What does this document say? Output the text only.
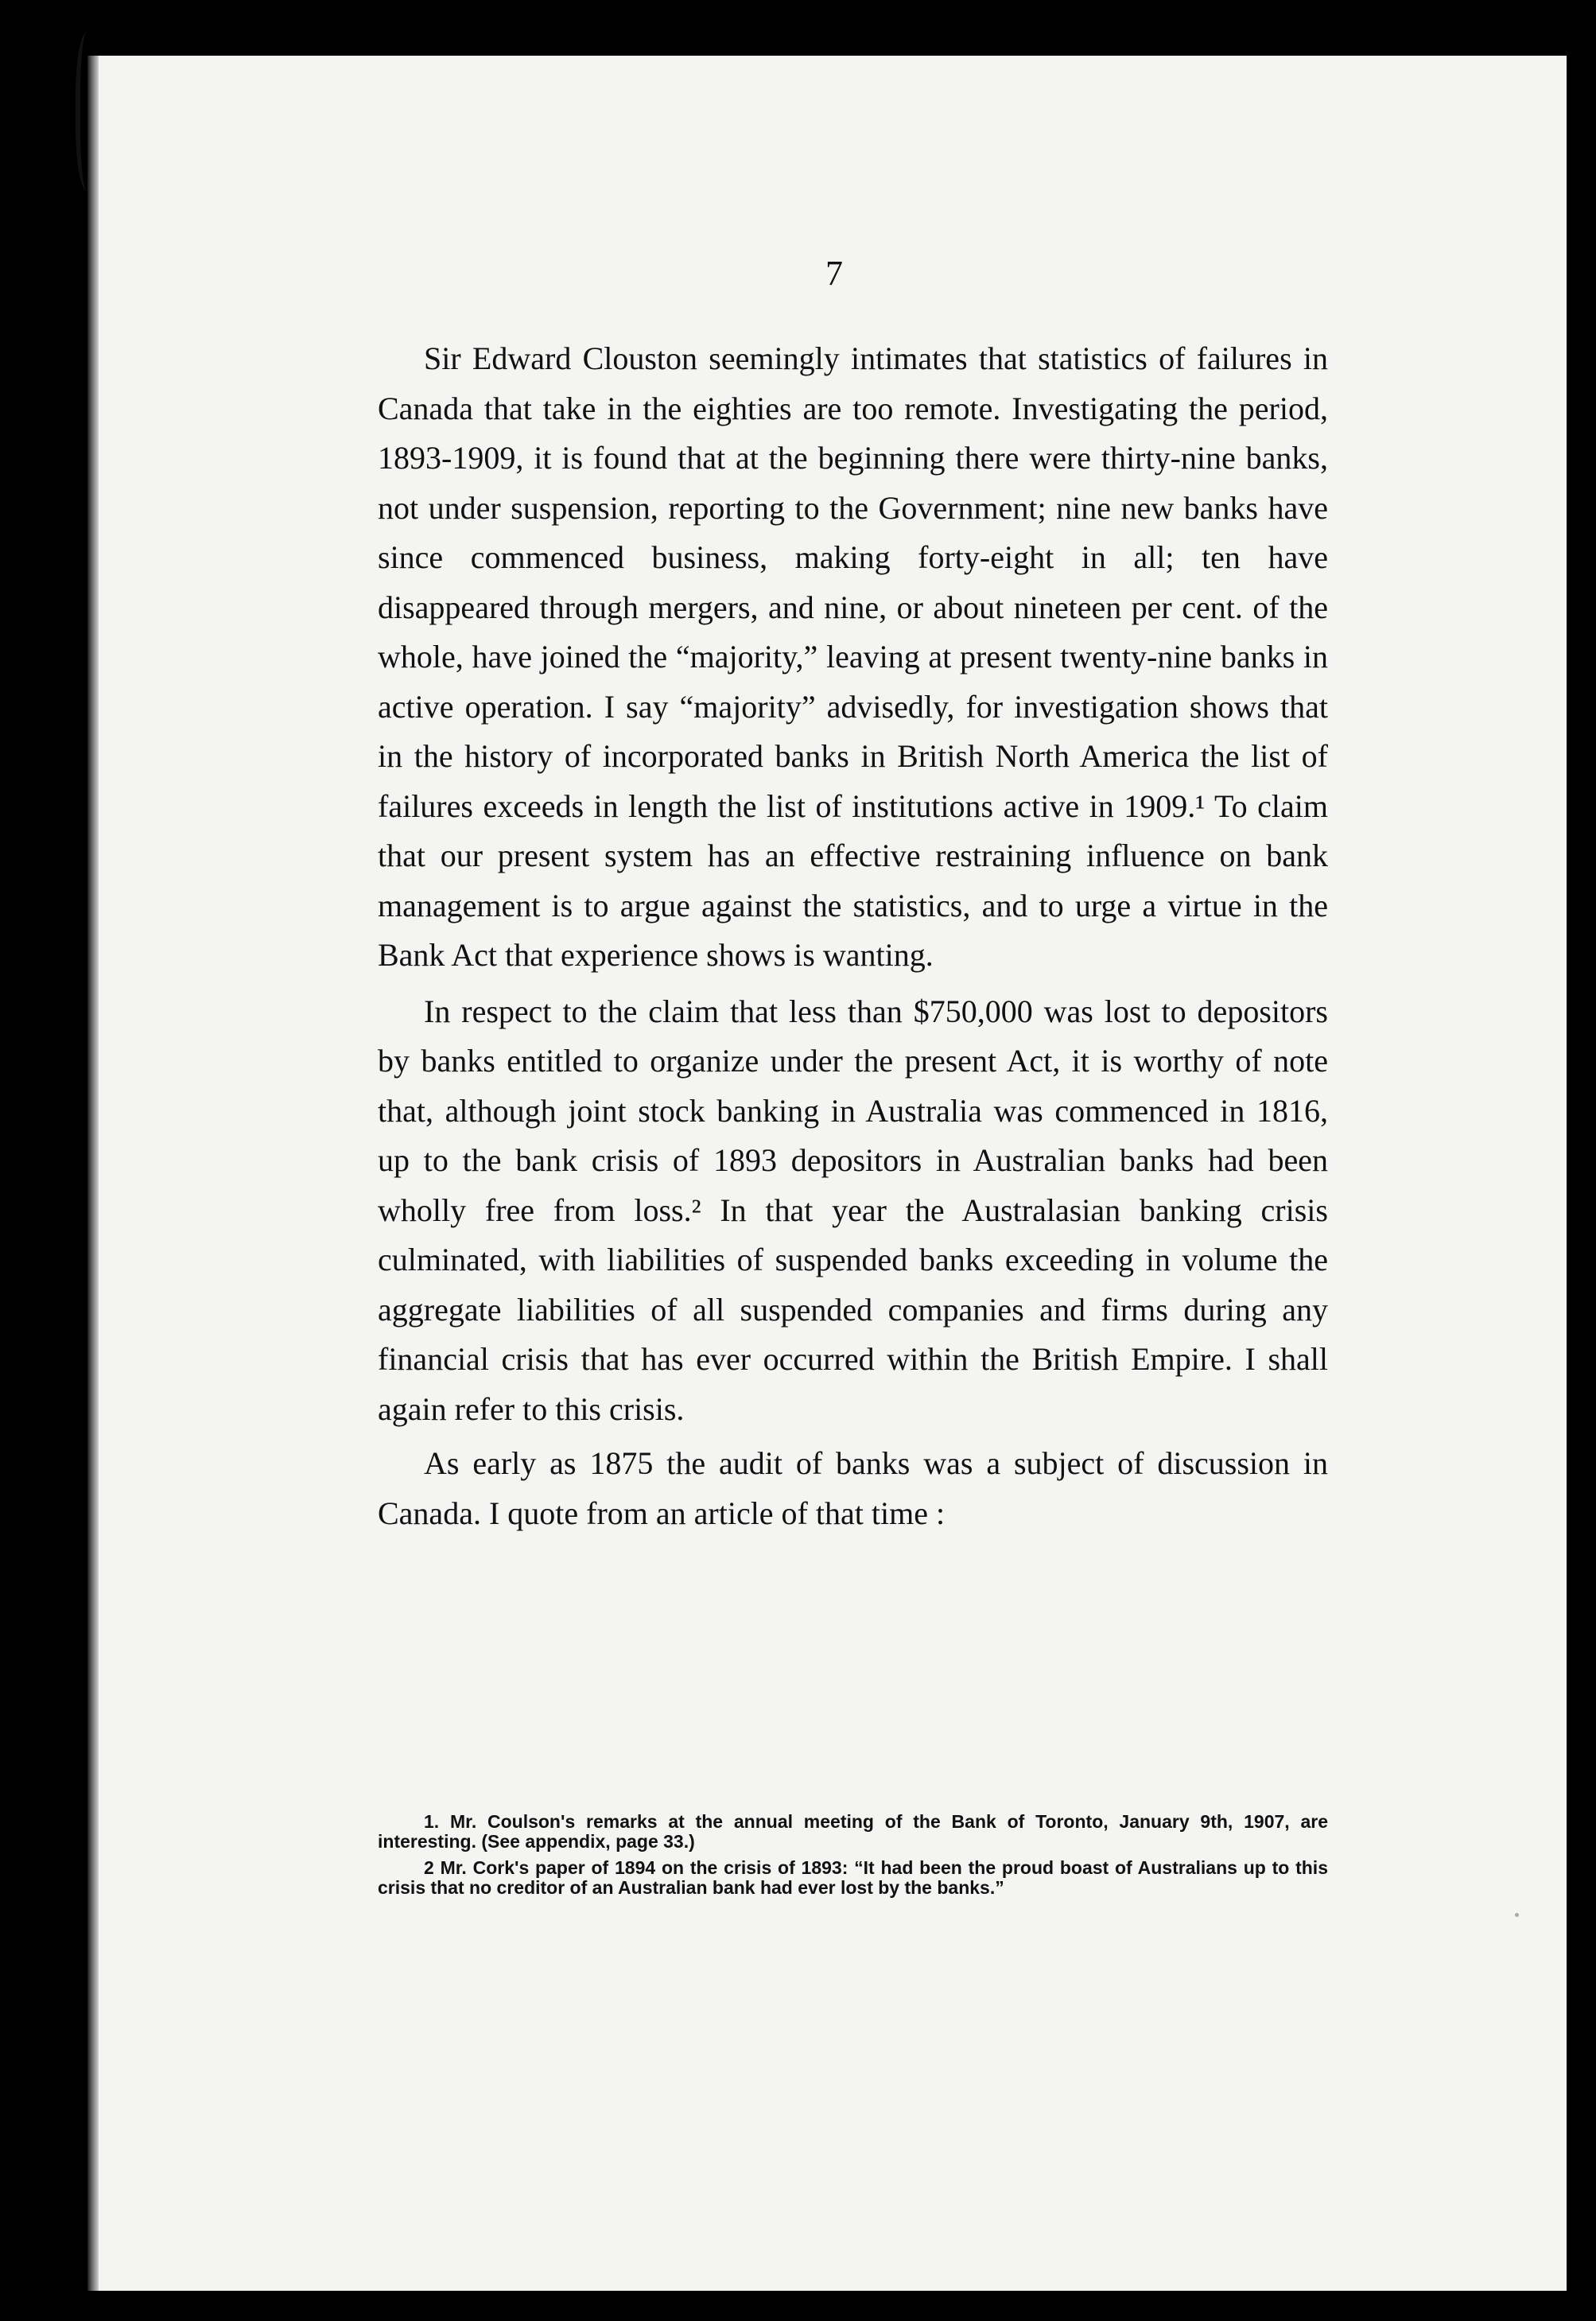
7

Sir Edward Clouston seemingly intimates that statistics of failures in Canada that take in the eighties are too remote. Investigating the period, 1893-1909, it is found that at the beginning there were thirty-nine banks, not under suspension, reporting to the Government; nine new banks have since commenced business, making forty-eight in all; ten have disappeared through mergers, and nine, or about nineteen per cent. of the whole, have joined the “majority,” leaving at present twenty-nine banks in active operation. I say “majority” advisedly, for investigation shows that in the history of incorporated banks in British North America the list of failures exceeds in length the list of institutions active in 1909.¹ To claim that our present system has an effective restraining influence on bank management is to argue against the statistics, and to urge a virtue in the Bank Act that experience shows is wanting.

In respect to the claim that less than $750,000 was lost to depositors by banks entitled to organize under the present Act, it is worthy of note that, although joint stock banking in Australia was commenced in 1816, up to the bank crisis of 1893 depositors in Australian banks had been wholly free from loss.² In that year the Australasian banking crisis culminated, with liabilities of suspended banks exceeding in volume the aggregate liabilities of all suspended companies and firms during any financial crisis that has ever occurred within the British Empire. I shall again refer to this crisis.

As early as 1875 the audit of banks was a subject of discussion in Canada. I quote from an article of that time :

1. Mr. Coulson's remarks at the annual meeting of the Bank of Toronto, January 9th, 1907, are interesting. (See appendix, page 33.)

2 Mr. Cork's paper of 1894 on the crisis of 1893: “It had been the proud boast of Australians up to this crisis that no creditor of an Australian bank had ever lost by the banks.”
